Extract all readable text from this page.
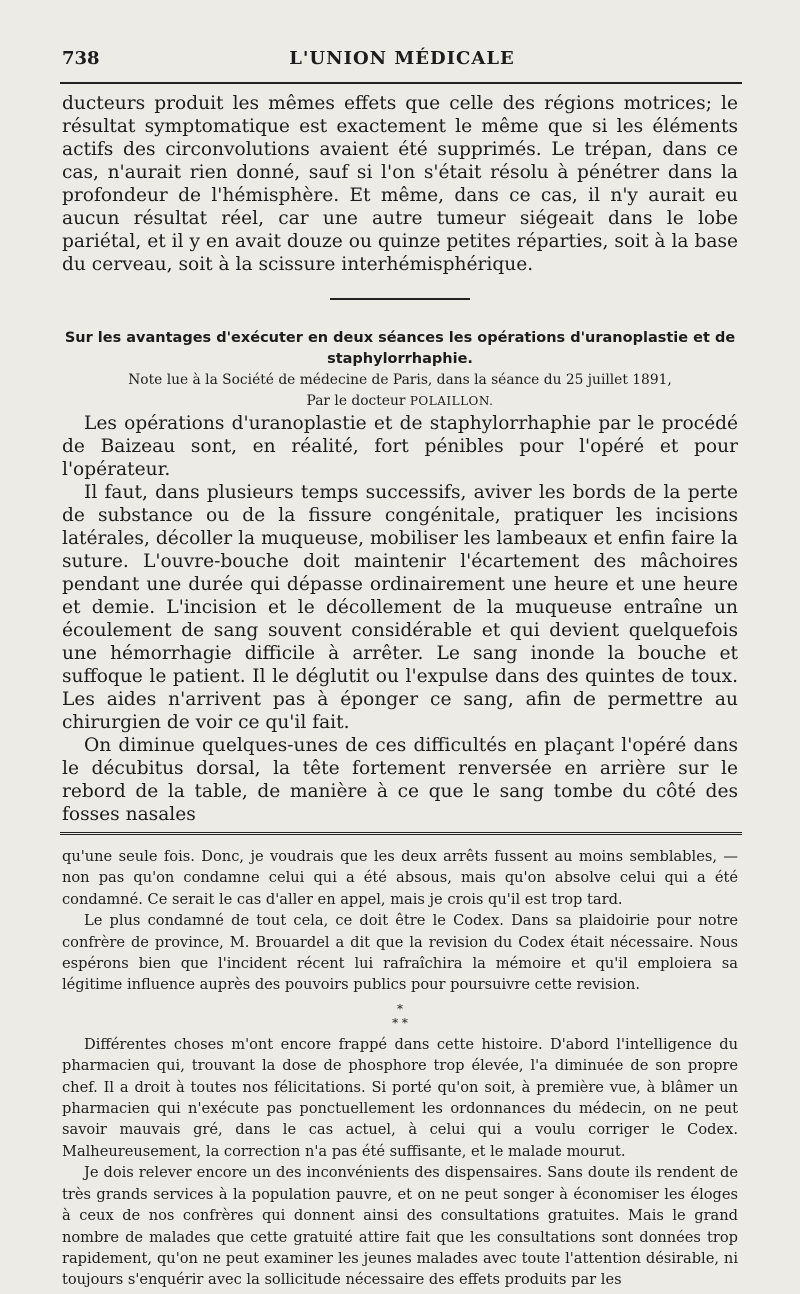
738	L'UNION MÉDICALE

ducteurs produit les mêmes effets que celle des régions motrices; le résultat symptomatique est exactement le même que si les éléments actifs des circonvolutions avaient été supprimés. Le trépan, dans ce cas, n'aurait rien donné, sauf si l'on s'était résolu à pénétrer dans la profondeur de l'hémisphère. Et même, dans ce cas, il n'y aurait eu aucun résultat réel, car une autre tumeur siégeait dans le lobe pariétal, et il y en avait douze ou quinze petites réparties, soit à la base du cerveau, soit à la scissure interhémisphérique.

Sur les avantages d'exécuter en deux séances les opérations d'uranoplastie et de staphylorrhaphie.

Note lue à la Société de médecine de Paris, dans la séance du 25 juillet 1891,

Par le docteur POLAILLON.

Les opérations d'uranoplastie et de staphylorrhaphie par le procédé de Baizeau sont, en réalité, fort pénibles pour l'opéré et pour l'opérateur.

Il faut, dans plusieurs temps successifs, aviver les bords de la perte de substance ou de la fissure congénitale, pratiquer les incisions latérales, décoller la muqueuse, mobiliser les lambeaux et enfin faire la suture. L'ouvre-bouche doit maintenir l'écartement des mâchoires pendant une durée qui dépasse ordinairement une heure et une heure et demie. L'incision et le décollement de la muqueuse entraîne un écoulement de sang souvent considérable et qui devient quelquefois une hémorrhagie difficile à arrêter. Le sang inonde la bouche et suffoque le patient. Il le déglutit ou l'expulse dans des quintes de toux. Les aides n'arrivent pas à éponger ce sang, afin de permettre au chirurgien de voir ce qu'il fait.

On diminue quelques-unes de ces difficultés en plaçant l'opéré dans le décubitus dorsal, la tête fortement renversée en arrière sur le rebord de la table, de manière à ce que le sang tombe du côté des fosses nasales

qu'une seule fois. Donc, je voudrais que les deux arrêts fussent au moins semblables, — non pas qu'on condamne celui qui a été absous, mais qu'on absolve celui qui a été condamné. Ce serait le cas d'aller en appel, mais je crois qu'il est trop tard.

Le plus condamné de tout cela, ce doit être le Codex. Dans sa plaidoirie pour notre confrère de province, M. Brouardel a dit que la revision du Codex était nécessaire. Nous espérons bien que l'incident récent lui rafraîchira la mémoire et qu'il emploiera sa légitime influence auprès des pouvoirs publics pour poursuivre cette revision.

*
* *

Différentes choses m'ont encore frappé dans cette histoire. D'abord l'intelligence du pharmacien qui, trouvant la dose de phosphore trop élevée, l'a diminuée de son propre chef. Il a droit à toutes nos félicitations. Si porté qu'on soit, à première vue, à blâmer un pharmacien qui n'exécute pas ponctuellement les ordonnances du médecin, on ne peut savoir mauvais gré, dans le cas actuel, à celui qui a voulu corriger le Codex. Malheureusement, la correction n'a pas été suffisante, et le malade mourut.

Je dois relever encore un des inconvénients des dispensaires. Sans doute ils rendent de très grands services à la population pauvre, et on ne peut songer à économiser les éloges à ceux de nos confrères qui donnent ainsi des consultations gratuites. Mais le grand nombre de malades que cette gratuité attire fait que les consultations sont données trop rapidement, qu'on ne peut examiner les jeunes malades avec toute l'attention désirable, ni toujours s'enquérir avec la sollicitude nécessaire des effets produits par les
